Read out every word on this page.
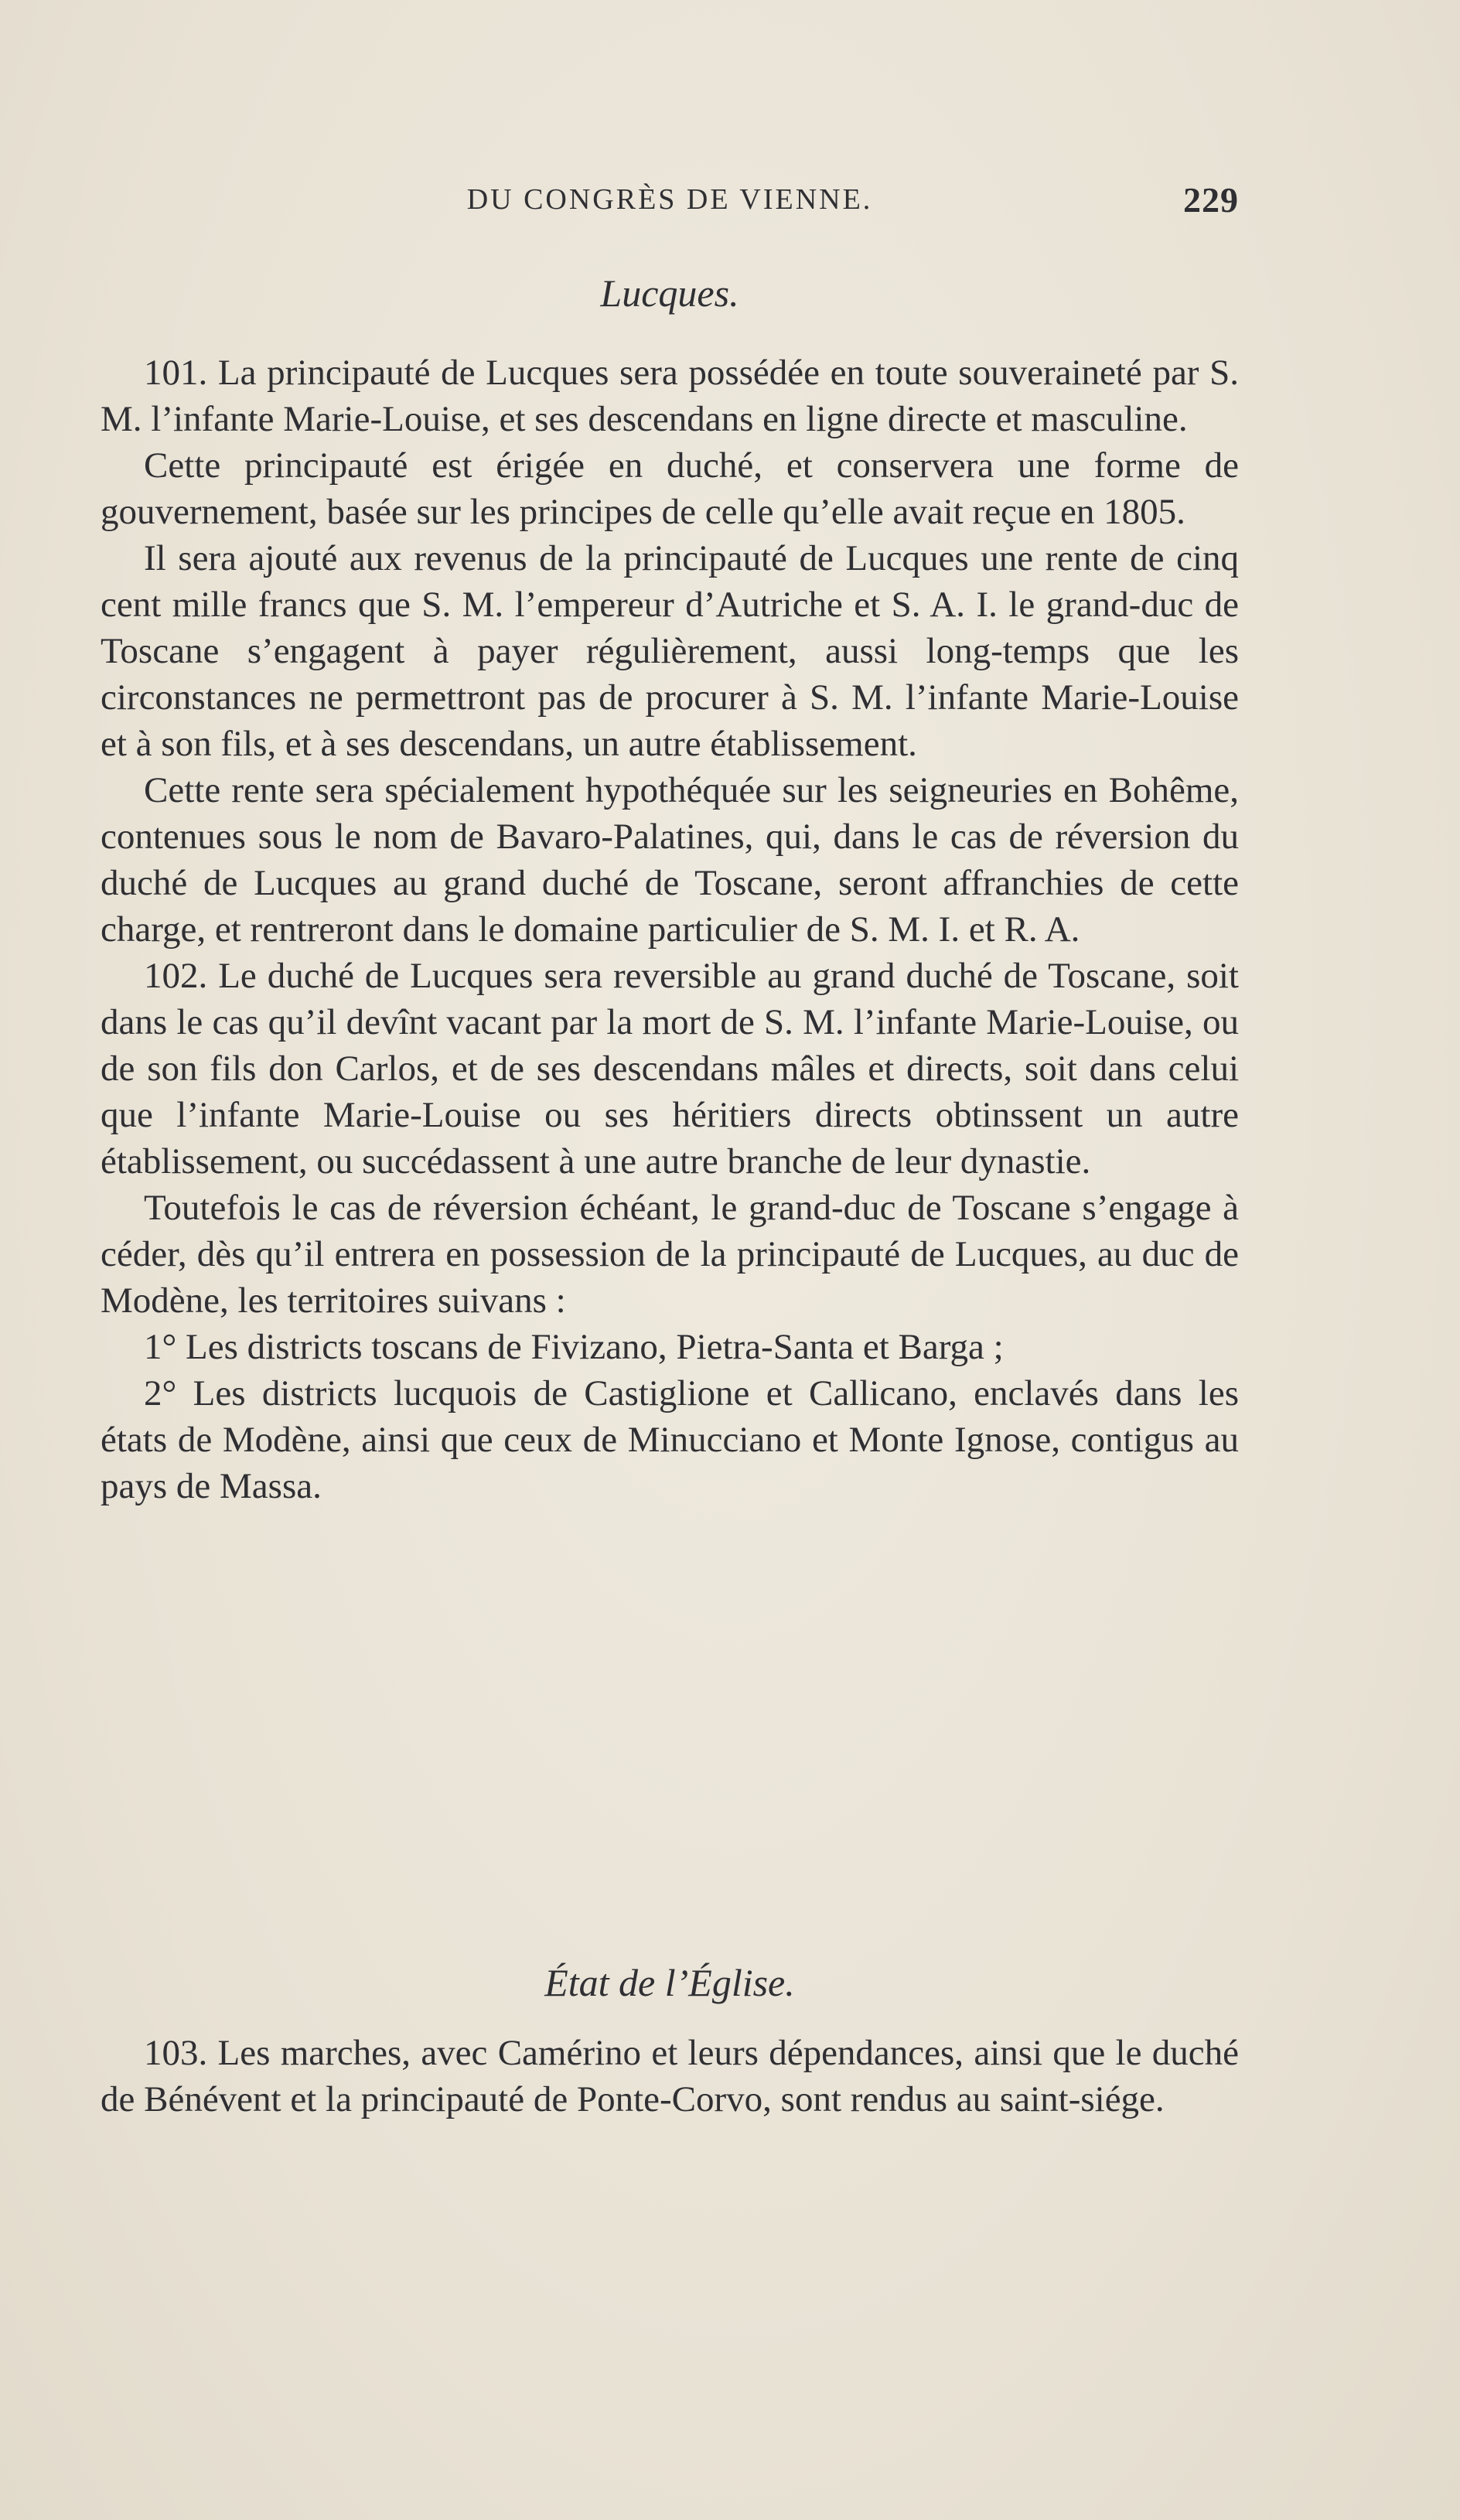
DU CONGRÈS DE VIENNE.	229
Lucques.

101. La principauté de Lucques sera possédée en toute souveraineté par S. M. l’infante Marie-Louise, et ses descendans en ligne directe et masculine.

Cette principauté est érigée en duché, et conservera une forme de gouvernement, basée sur les principes de celle qu’elle avait reçue en 1805.

Il sera ajouté aux revenus de la principauté de Lucques une rente de cinq cent mille francs que S. M. l’empereur d’Autriche et S. A. I. le grand-duc de Toscane s’engagent à payer régulièrement, aussi long-temps que les circonstances ne permettront pas de procurer à S. M. l’infante Marie-Louise et à son fils, et à ses descendans, un autre établissement.

Cette rente sera spécialement hypothéquée sur les seigneuries en Bohême, contenues sous le nom de Bavaro-Palatines, qui, dans le cas de réversion du duché de Lucques au grand duché de Toscane, seront affranchies de cette charge, et rentreront dans le domaine particulier de S. M. I. et R. A.

102. Le duché de Lucques sera reversible au grand duché de Toscane, soit dans le cas qu’il devînt vacant par la mort de S. M. l’infante Marie-Louise, ou de son fils don Carlos, et de ses descendans mâles et directs, soit dans celui que l’infante Marie-Louise ou ses héritiers directs obtinssent un autre établissement, ou succédassent à une autre branche de leur dynastie.

Toutefois le cas de réversion échéant, le grand-duc de Toscane s’engage à céder, dès qu’il entrera en possession de la principauté de Lucques, au duc de Modène, les territoires suivans :

1° Les districts toscans de Fivizano, Pietra-Santa et Barga ;

2° Les districts lucquois de Castiglione et Callicano, enclavés dans les états de Modène, ainsi que ceux de Minucciano et Monte Ignose, contigus au pays de Massa.

État de l’Église.

103. Les marches, avec Camérino et leurs dépendances, ainsi que le duché de Bénévent et la principauté de Ponte-Corvo, sont rendus au saint-siége.
